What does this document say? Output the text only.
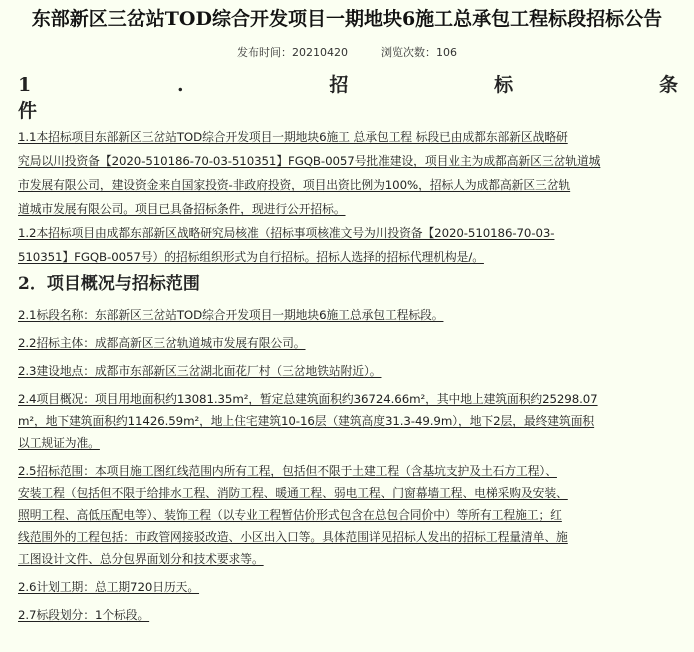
东部新区三岔站TOD综合开发项目一期地块6施工总承包工程标段招标公告
发布时间：20210420	浏览次数：106
1	.	招	标	条
件
1.1本招标项目东部新区三岔站TOD综合开发项目一期地块6施工 总承包工程 标段已由成都东部新区战略研
究局以川投资备【2020-510186-70-03-510351】FGQB-0057号批准建设，项目业主为成都高新区三岔轨道城
市发展有限公司，建设资金来自国家投资-非政府投资，项目出资比例为100%，招标人为成都高新区三岔轨
道城市发展有限公司。项目已具备招标条件，现进行公开招标。
1.2本招标项目由成都东部新区战略研究局核准（招标事项核准文号为川投资备【2020-510186-70-03-
510351】FGQB-0057号）的招标组织形式为自行招标。招标人选择的招标代理机构是/。
2．项目概况与招标范围
2.1标段名称：东部新区三岔站TOD综合开发项目一期地块6施工总承包工程标段。
2.2招标主体：成都高新区三岔轨道城市发展有限公司。
2.3建设地点：成都市东部新区三岔湖北面花厂村（三岔地铁站附近）。
2.4项目概况：项目用地面积约13081.35m²，暂定总建筑面积约36724.66m²，其中地上建筑面积约25298.07
m²，地下建筑面积约11426.59m²，地上住宅建筑10-16层（建筑高度31.3-49.9m），地下2层，最终建筑面积
以工规证为准。
2.5招标范围：本项目施工图红线范围内所有工程，包括但不限于土建工程（含基坑支护及土石方工程）、
安装工程（包括但不限于给排水工程、消防工程、暖通工程、弱电工程、门窗幕墙工程、电梯采购及安装、
照明工程、高低压配电等）、装饰工程（以专业工程暂估价形式包含在总包合同价中）等所有工程施工；红
线范围外的工程包括：市政管网接驳改造、小区出入口等。具体范围详见招标人发出的招标工程量清单、施
工图设计文件、总分包界面划分和技术要求等。
2.6计划工期：总工期720日历天。
2.7标段划分：1个标段。
